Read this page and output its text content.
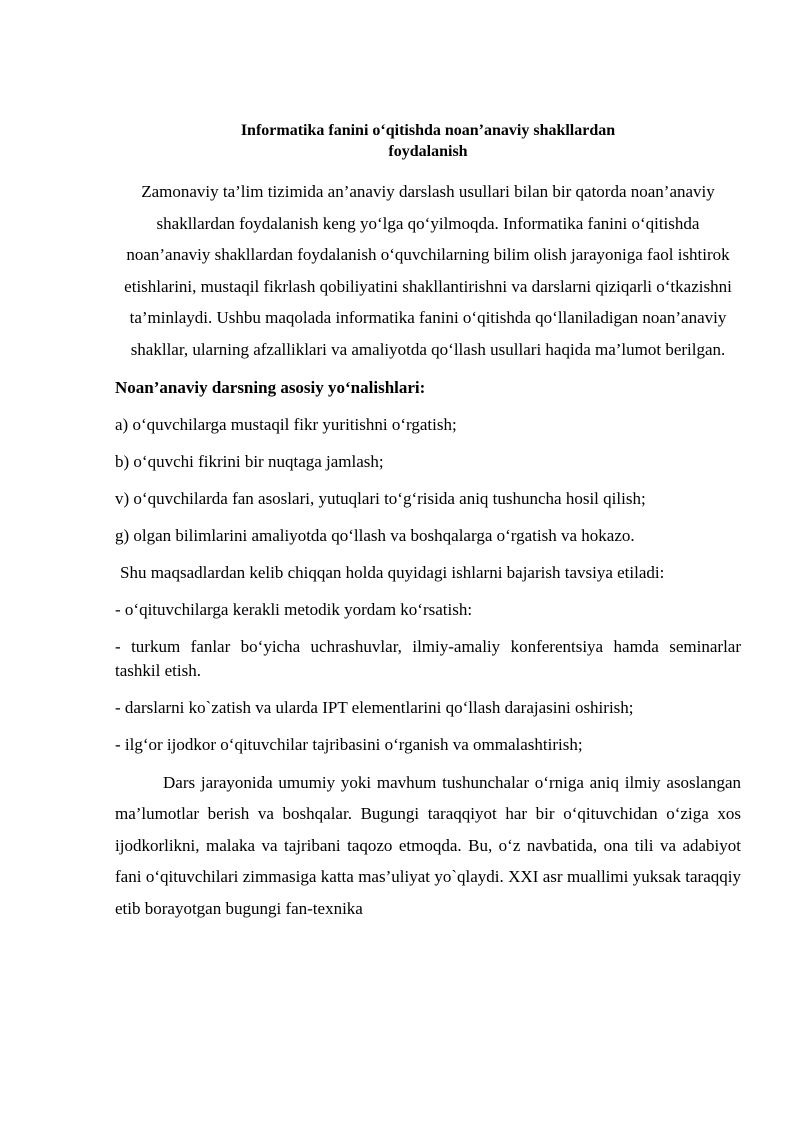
Informatika fanini o‘qitishda noan’anaviy shakllardan
foydalanish

Zamonaviy ta’lim tizimida an’anaviy darslash usullari bilan bir qatorda noan’anaviy shakllardan foydalanish keng yo‘lga qo‘yilmoqda. Informatika fanini o‘qitishda noan’anaviy shakllardan foydalanish o‘quvchilarning bilim olish jarayoniga faol ishtirok etishlarini, mustaqil fikrlash qobiliyatini shakllantirishni va darslarni qiziqarli o‘tkazishni ta’minlaydi. Ushbu maqolada informatika fanini o‘qitishda qo‘llaniladigan noan’anaviy shakllar, ularning afzalliklari va amaliyotda qo‘llash usullari haqida ma’lumot berilgan.

Noan’anaviy darsning asosiy yo‘nalishlari:

a) o‘quvchilarga mustaqil fikr yuritishni o‘rgatish;

b) o‘quvchi fikrini bir nuqtaga jamlash;

v) o‘quvchilarda fan asoslari, yutuqlari to‘g‘risida aniq tushuncha hosil qilish;

g) olgan bilimlarini amaliyotda qo‘llash va boshqalarga o‘rgatish va hokazo.

Shu maqsadlardan kelib chiqqan holda quyidagi ishlarni bajarish tavsiya etiladi:

- o‘qituvchilarga kerakli metodik yordam ko‘rsatish:

- turkum fanlar bo‘yicha uchrashuvlar, ilmiy-amaliy konferentsiya hamda seminarlar tashkil etish.

- darslarni ko`zatish va ularda IPT elementlarini qo‘llash darajasini oshirish;

- ilg‘or ijodkor o‘qituvchilar tajribasini o‘rganish va ommalashtirish;

Dars jarayonida umumiy yoki mavhum tushunchalar o‘rniga aniq ilmiy asoslangan ma’lumotlar berish va boshqalar. Bugungi taraqqiyot har bir o‘qituvchidan o‘ziga xos ijodkorlikni, malaka va tajribani taqozo etmoqda. Bu, o‘z navbatida, ona tili va adabiyot fani o‘qituvchilari zimmasiga katta mas’uliyat yo`qlaydi. XXI asr muallimi yuksak taraqqiy etib borayotgan bugungi fan-texnika
